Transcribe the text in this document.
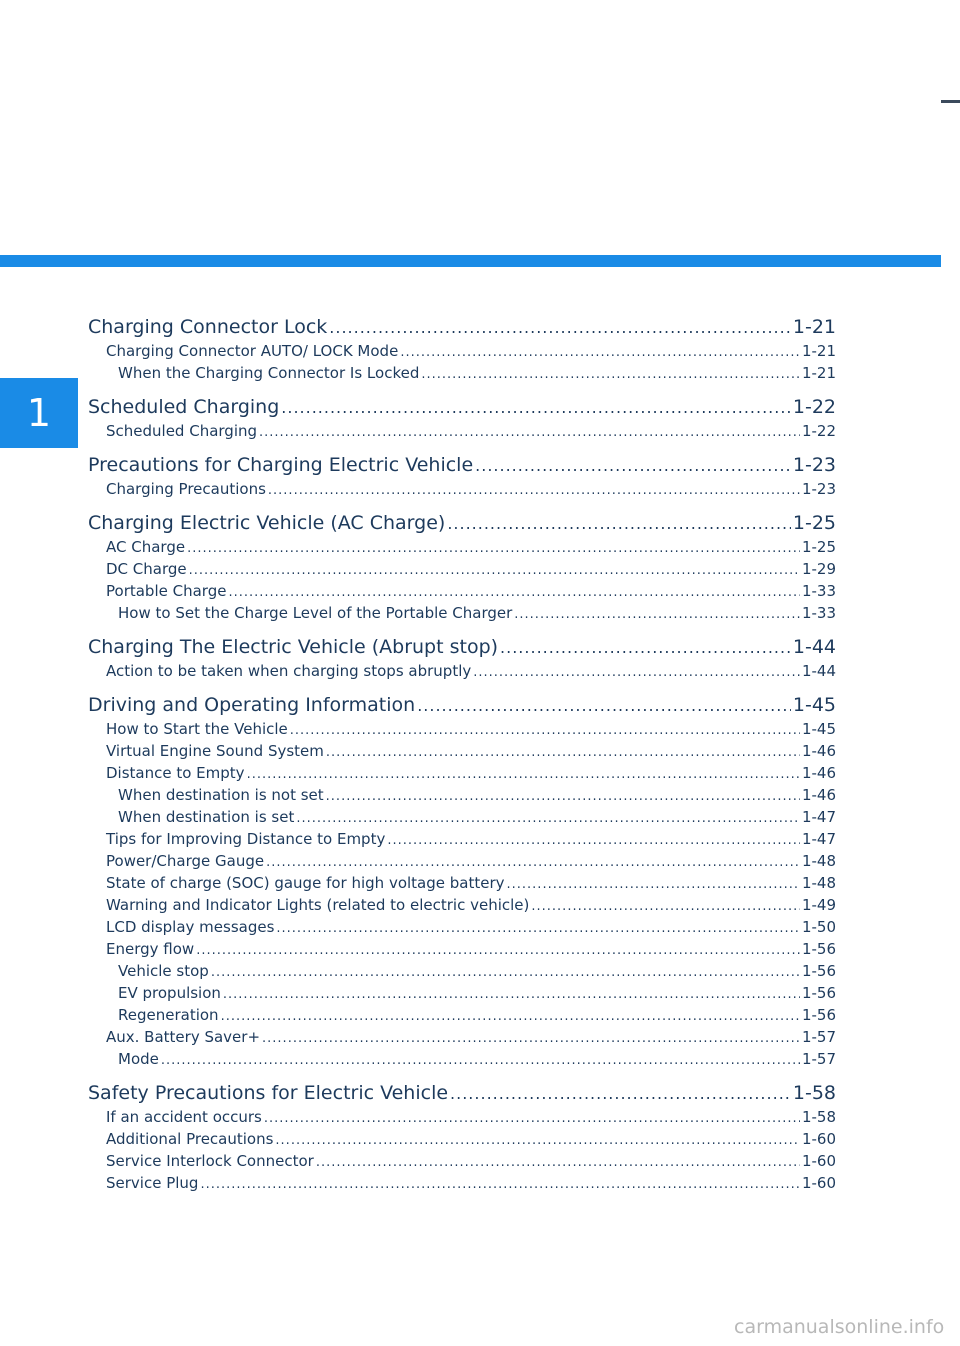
1
Charging Connector Lock .....	1-21
Charging Connector AUTO/ LOCK Mode .....	1-21
When the Charging Connector Is Locked .....	1-21
Scheduled Charging .....	1-22
Scheduled Charging .....	1-22
Precautions for Charging Electric Vehicle .....	1-23
Charging Precautions .....	1-23
Charging Electric Vehicle (AC Charge) .....	1-25
AC Charge .....	1-25
DC Charge .....	1-29
Portable Charge .....	1-33
How to Set the Charge Level of the Portable Charger .....	1-33
Charging The Electric Vehicle (Abrupt stop) .....	1-44
Action to be taken when charging stops abruptly .....	1-44
Driving and Operating Information .....	1-45
How to Start the Vehicle .....	1-45
Virtual Engine Sound System .....	1-46
Distance to Empty .....	1-46
When destination is not set .....	1-46
When destination is set .....	1-47
Tips for Improving Distance to Empty .....	1-47
Power/Charge Gauge .....	1-48
State of charge (SOC) gauge for high voltage battery .....	1-48
Warning and Indicator Lights (related to electric vehicle) .....	1-49
LCD display messages .....	1-50
Energy flow .....	1-56
Vehicle stop .....	1-56
EV propulsion .....	1-56
Regeneration .....	1-56
Aux. Battery Saver+ .....	1-57
Mode .....	1-57
Safety Precautions for Electric Vehicle .....	1-58
If an accident occurs .....	1-58
Additional Precautions .....	1-60
Service Interlock Connector .....	1-60
Service Plug .....	1-60
carmanualsonline.info
